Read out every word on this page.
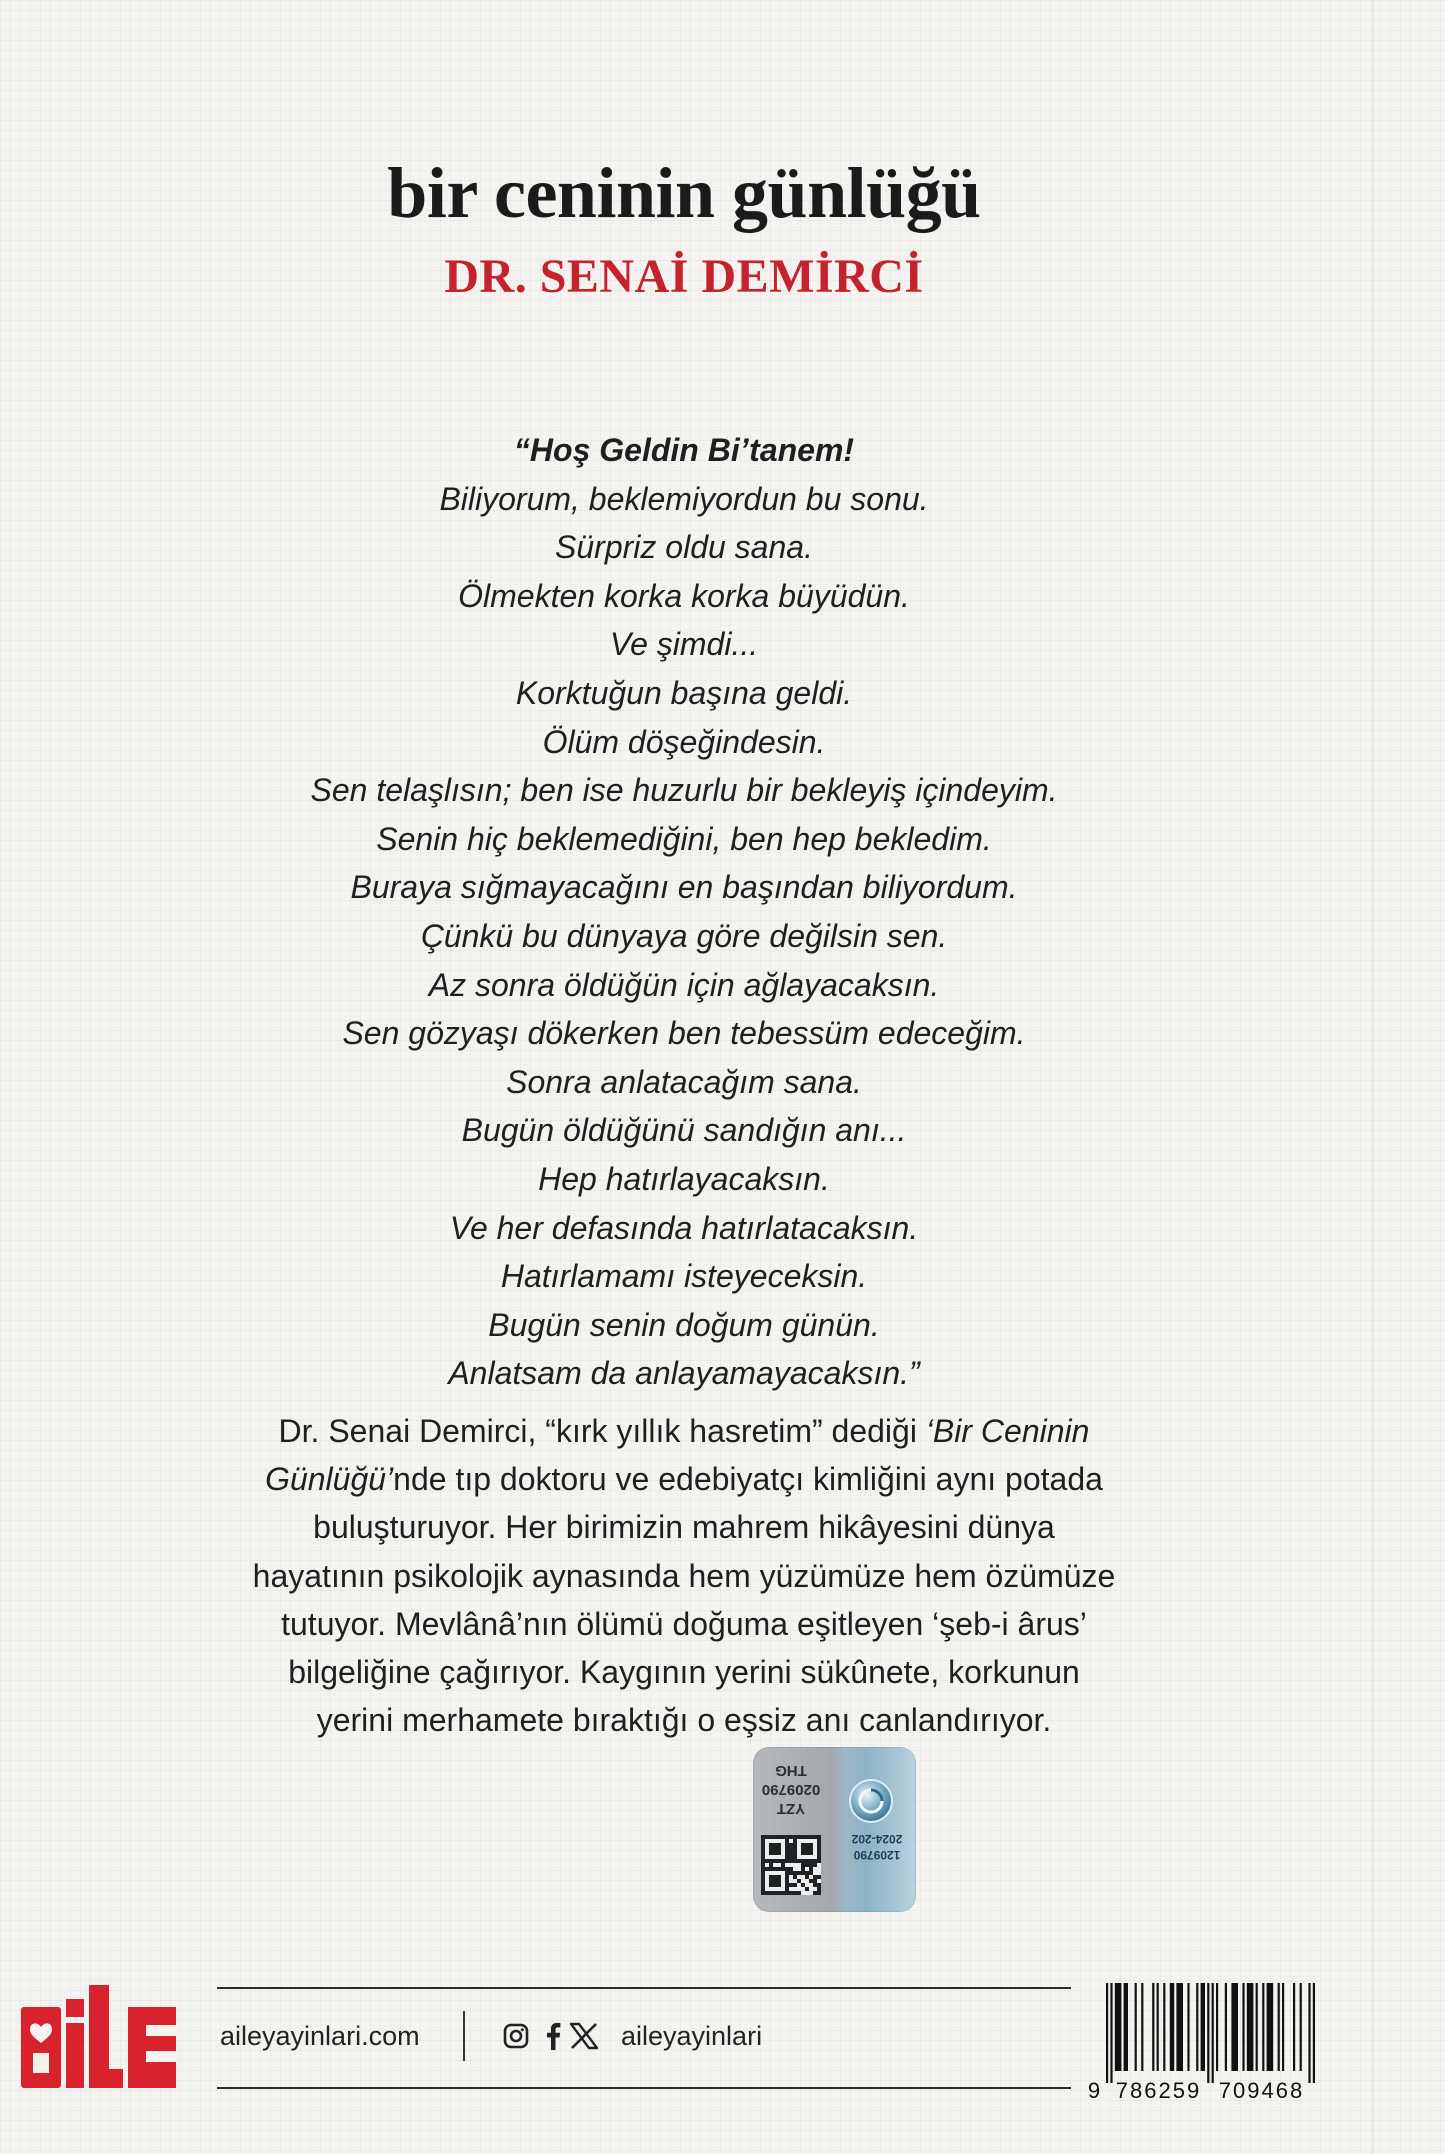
bir ceninin günlüğü
DR. SENAİ DEMİRCİ
“Hoş Geldin Bi’tanem!
Biliyorum, beklemiyordun bu sonu.
Sürpriz oldu sana.
Ölmekten korka korka büyüdün.
Ve şimdi...
Korktuğun başına geldi.
Ölüm döşeğindesin.
Sen telaşlısın; ben ise huzurlu bir bekleyiş içindeyim.
Senin hiç beklemediğini, ben hep bekledim.
Buraya sığmayacağını en başından biliyordum.
Çünkü bu dünyaya göre değilsin sen.
Az sonra öldüğün için ağlayacaksın.
Sen gözyaşı dökerken ben tebessüm edeceğim.
Sonra anlatacağım sana.
Bugün öldüğünü sandığın anı...
Hep hatırlayacaksın.
Ve her defasında hatırlatacaksın.
Hatırlamamı isteyeceksin.
Bugün senin doğum günün.
Anlatsam da anlayamayacaksın.”
Dr. Senai Demirci, “kırk yıllık hasretim” dediği ‘Bir Ceninin
Günlüğü’nde tıp doktoru ve edebiyatçı kimliğini aynı potada
buluşturuyor. Her birimizin mahrem hikâyesini dünya
hayatının psikolojik aynasında hem yüzümüze hem özümüze
tutuyor. Mevlânâ’nın ölümü doğuma eşitleyen ‘şeb-i ârus’
bilgeliğine çağırıyor. Kaygının yerini sükûnete, korkunun
yerini merhamete bıraktığı o eşsiz anı canlandırıyor.
YZT
0209790
THG
1209790
2024-202
aileyayinlari.com	aileyayinlari
9 786259 709468
